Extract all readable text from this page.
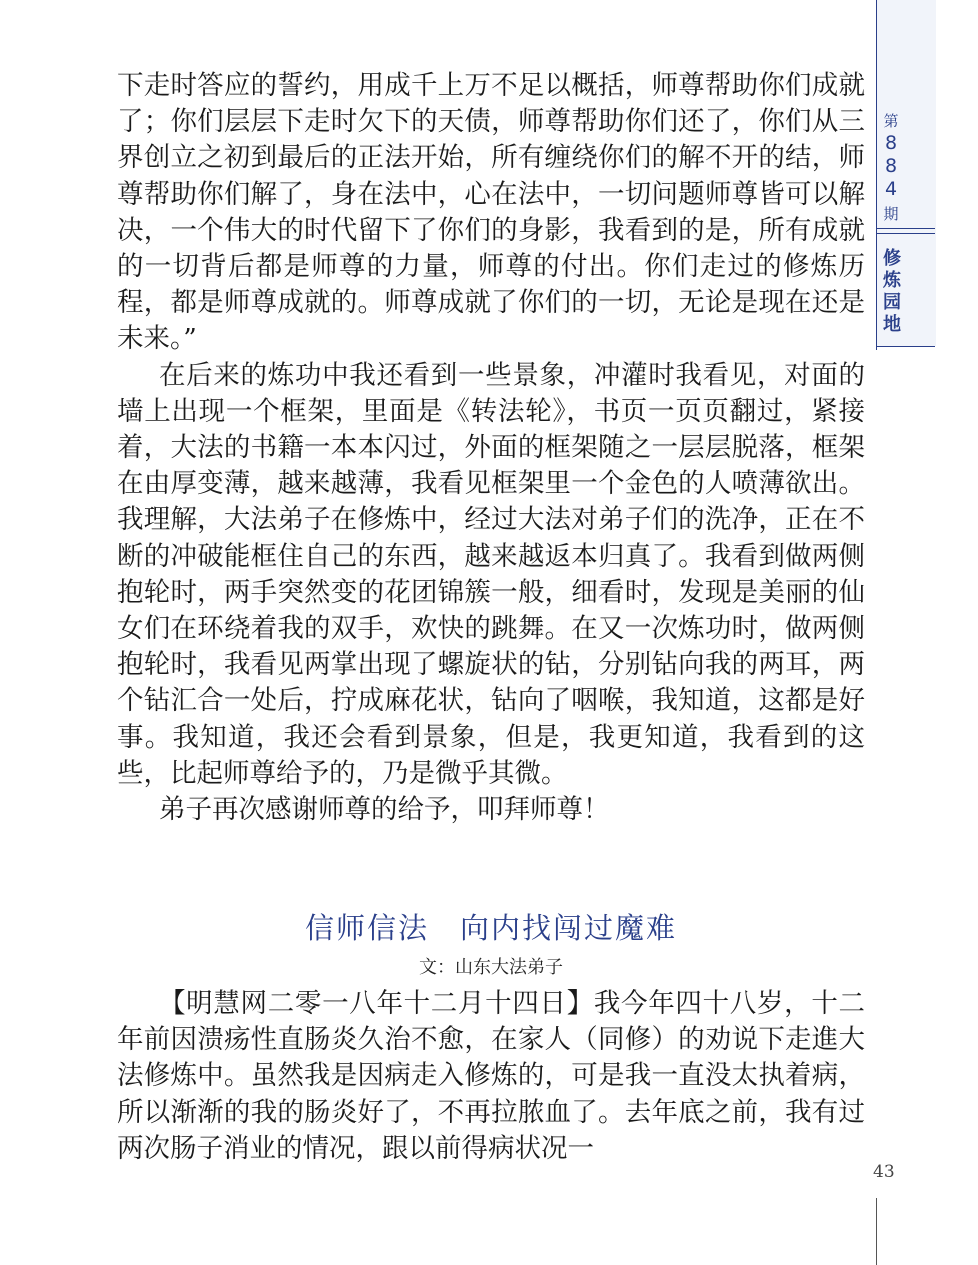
第
8
8
4
期
修
炼
园
地

下走时答应的誓约，用成千上万不足以概括，师尊帮助你们成就了；你们层层下走时欠下的天债，师尊帮助你们还了，你们从三界创立之初到最后的正法开始，所有缠绕你们的解不开的结，师尊帮助你们解了，身在法中，心在法中，一切问题师尊皆可以解决，一个伟大的时代留下了你们的身影，我看到的是，所有成就的一切背后都是师尊的力量，师尊的付出。你们走过的修炼历程，都是师尊成就的。师尊成就了你们的一切，无论是现在还是未来。”

在后来的炼功中我还看到一些景象，冲灌时我看见，对面的墙上出现一个框架，里面是《转法轮》，书页一页页翻过，紧接着，大法的书籍一本本闪过，外面的框架随之一层层脱落，框架在由厚变薄，越来越薄，我看见框架里一个金色的人喷薄欲出。我理解，大法弟子在修炼中，经过大法对弟子们的洗净，正在不断的冲破能框住自己的东西，越来越返本归真了。我看到做两侧抱轮时，两手突然变的花团锦簇一般，细看时，发现是美丽的仙女们在环绕着我的双手，欢快的跳舞。在又一次炼功时，做两侧抱轮时，我看见两掌出现了螺旋状的钻，分别钻向我的两耳，两个钻汇合一处后，拧成麻花状，钻向了咽喉，我知道，这都是好事。我知道，我还会看到景象，但是，我更知道，我看到的这些，比起师尊给予的，乃是微乎其微。

弟子再次感谢师尊的给予，叩拜师尊！

信师信法　向内找闯过魔难
文：山东大法弟子

【明慧网二零一八年十二月十四日】我今年四十八岁，十二年前因溃疡性直肠炎久治不愈，在家人（同修）的劝说下走進大法修炼中。虽然我是因病走入修炼的，可是我一直没太执着病，所以渐渐的我的肠炎好了，不再拉脓血了。去年底之前，我有过两次肠子消业的情况，跟以前得病状况一

43
